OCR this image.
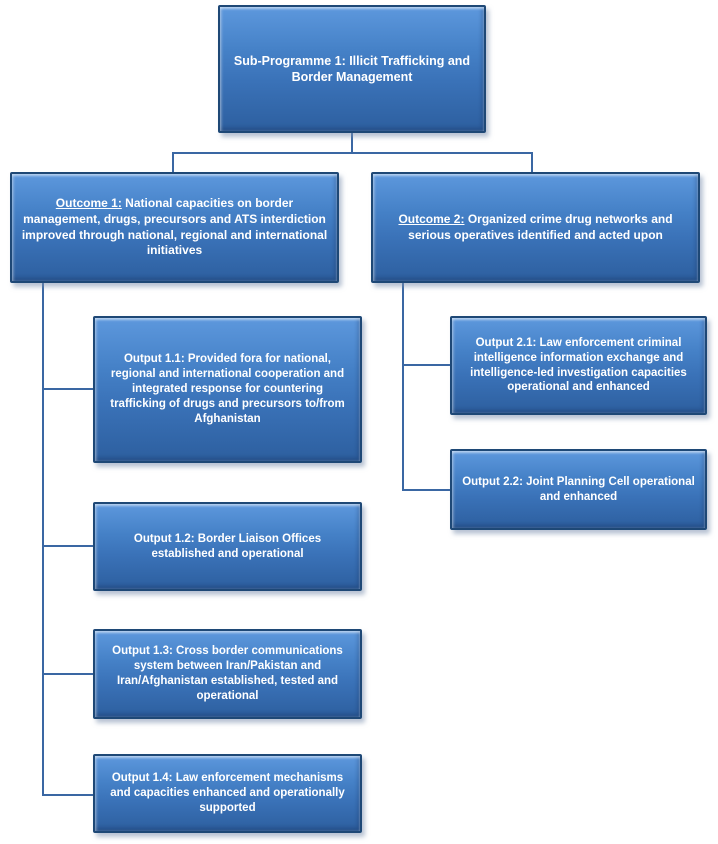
Sub-Programme 1: Illicit Trafficking and Border Management
Outcome 1: National capacities on border management, drugs, precursors and ATS interdiction improved through national, regional and international initiatives
Outcome 2: Organized crime drug networks and serious operatives identified and acted upon
Output 1.1: Provided fora for national, regional and international cooperation and integrated response for countering trafficking of drugs and precursors to/from Afghanistan
Output 1.2: Border Liaison Offices established and operational
Output 1.3: Cross border communications system between Iran/Pakistan and Iran/Afghanistan established, tested and operational
Output 1.4: Law enforcement mechanisms and capacities enhanced and operationally supported
Output 2.1: Law enforcement criminal intelligence information exchange and intelligence-led investigation capacities operational and enhanced
Output 2.2: Joint Planning Cell operational and enhanced
